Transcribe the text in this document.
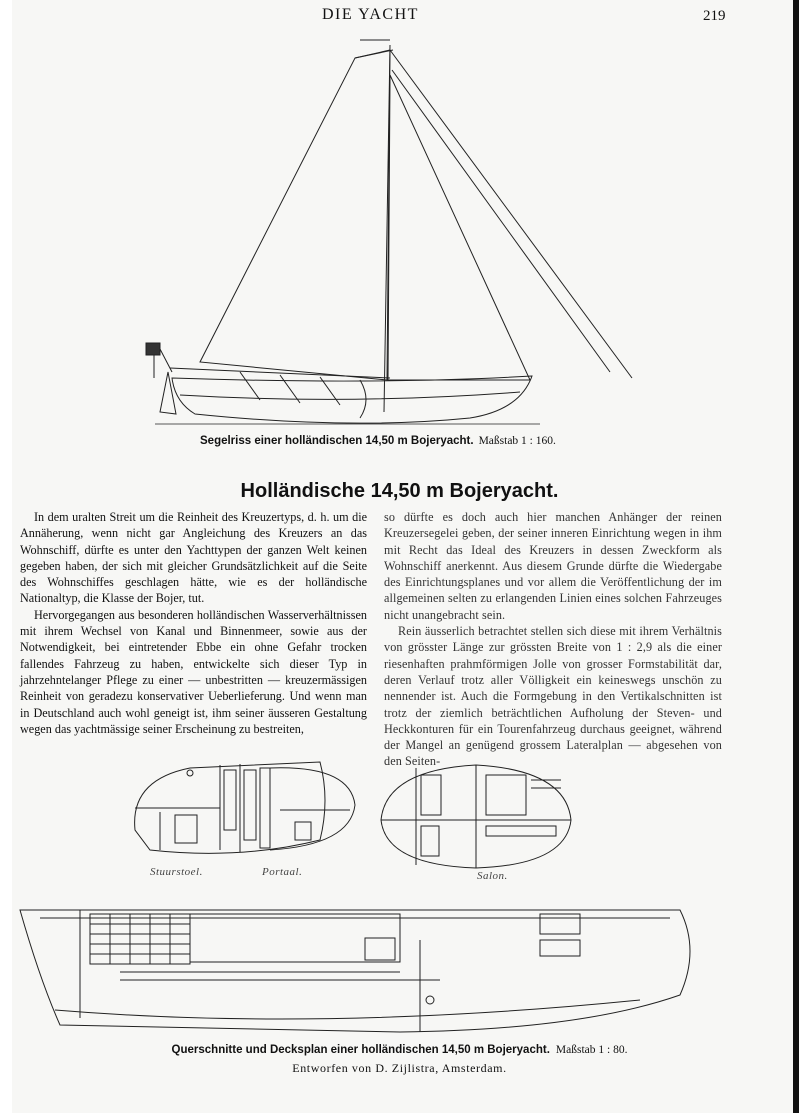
DIE YACHT	219
Segelriss einer holländischen 14,50 m Bojeryacht. Maßstab 1 : 160.
Holländische 14,50 m Bojeryacht.

In dem uralten Streit um die Reinheit des Kreuzertyps, d. h. um die Annäherung, wenn nicht gar Angleichung des Kreuzers an das Wohnschiff, dürfte es unter den Yachttypen der ganzen Welt keinen gegeben haben, der sich mit gleicher Grundsätzlichkeit auf die Seite des Wohnschiffes geschlagen hätte, wie es der holländische Nationaltyp, die Klasse der Bojer, tut.

Hervorgegangen aus besonderen holländischen Wasserverhältnissen mit ihrem Wechsel von Kanal und Binnenmeer, sowie aus der Notwendigkeit, bei eintretender Ebbe ein ohne Gefahr trocken fallendes Fahrzeug zu haben, entwickelte sich dieser Typ in jahrzehntelanger Pflege zu einer — unbestritten — kreuzermässigen Reinheit von geradezu konservativer Ueberlieferung. Und wenn man in Deutschland auch wohl geneigt ist, ihm seiner äusseren Gestaltung wegen das yachtmässige seiner Erscheinung zu bestreiten,

so dürfte es doch auch hier manchen Anhänger der reinen Kreuzersegelei geben, der seiner inneren Einrichtung wegen in ihm mit Recht das Ideal des Kreuzers in dessen Zweckform als Wohnschiff anerkennt. Aus diesem Grunde dürfte die Wiedergabe des Einrichtungsplanes und vor allem die Veröffentlichung der im allgemeinen selten zu erlangenden Linien eines solchen Fahrzeuges nicht unangebracht sein.

Rein äusserlich betrachtet stellen sich diese mit ihrem Verhältnis von grösster Länge zur grössten Breite von 1 : 2,9 als die einer riesenhaften prahmförmigen Jolle von grosser Formstabilität dar, deren Verlauf trotz aller Völligkeit ein keineswegs unschön zu nennender ist. Auch die Formgebung in den Vertikalschnitten ist trotz der ziemlich beträchtlichen Aufholung der Steven- und Heckkonturen für ein Tourenfahrzeug durchaus geeignet, während der Mangel an genügend grossem Lateralplan — abgesehen von den Seiten-

Stuurstoel.	Portaal.	Salon.
Querschnitte und Decksplan einer holländischen 14,50 m Bojeryacht. Maßstab 1 : 80.
Entworfen von D. Zijlistra, Amsterdam.
